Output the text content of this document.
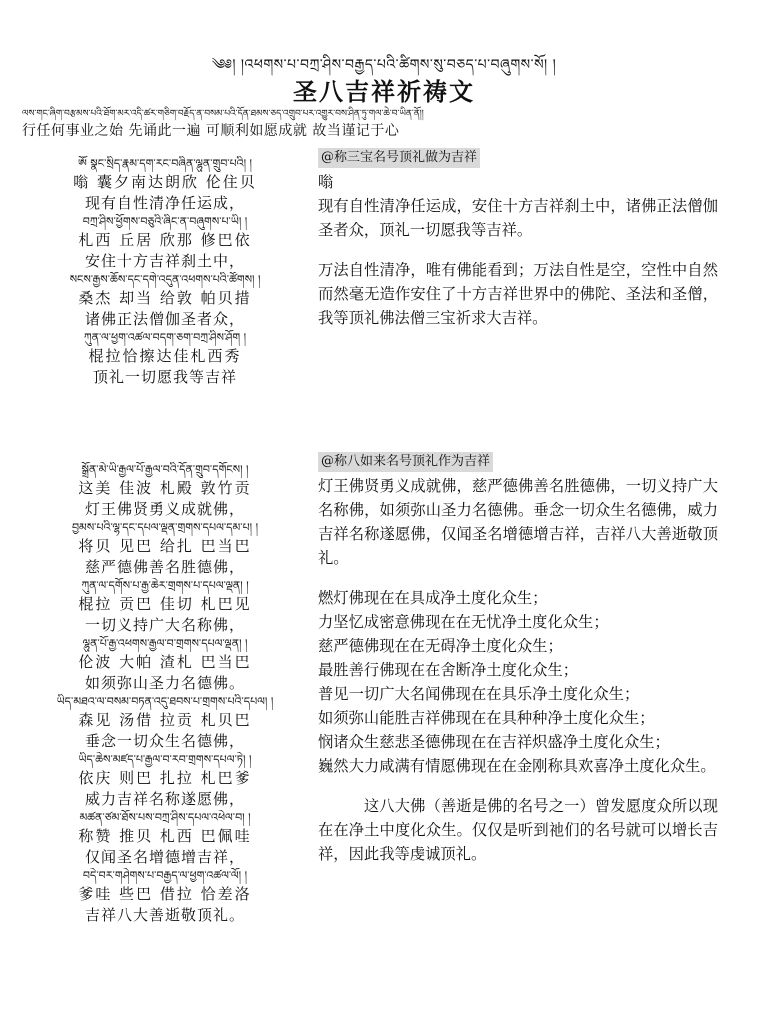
༄༅། །འཕགས་པ་བཀྲ་ཤིས་བརྒྱད་པའི་ཚིགས་སུ་བཅད་པ་བཞུགས་སོ། །
圣八吉祥祈祷文
ལས་གང་ཞིག་བརྩམས་པའི་ཐོག་མར་འདི་ཚར་གཅིག་བརྗོད་ན་བསམ་པའི་དོན་ཐམས་ཅད་འགྲུབ་པར་འགྱུར་བས་ཤིན་ཏུ་གལ་ཆེ་བ་ཡིན་ནོ།།
行任何事业之始 先诵此一遍 可顺利如愿成就 故当谨记于心
ཨོཾ སྣང་སྲིད་རྣམ་དག་རང་བཞིན་ལྷུན་གྲུབ་པའི། །
嗡 囊夕南达朗欣 伦住贝
现有自性清净任运成，
བཀྲ་ཤིས་ཕྱོགས་བཅུའི་ཞིང་ན་བཞུགས་པ་ཡི། །
札西 丘居 欣那 修巴依
安住十方吉祥刹土中，
སངས་རྒྱས་ཆོས་དང་དགེ་འདུན་འཕགས་པའི་ཚོགས། །
桑杰 却当 给敦 帕贝措
诸佛正法僧伽圣者众，
ཀུན་ལ་ཕྱག་འཚལ་བདག་ཅག་བཀྲ་ཤིས་ཤོག །
棍拉恰擦达佳札西秀
顶礼一切愿我等吉祥
@称三宝名号顶礼做为吉祥

嗡

现有自性清净任运成，安住十方吉祥刹土中，诸佛正法僧伽圣者众，顶礼一切愿我等吉祥。

万法自性清净，唯有佛能看到；万法自性是空，空性中自然而然毫无造作安住了十方吉祥世界中的佛陀、圣法和圣僧，我等顶礼佛法僧三宝祈求大吉祥。

སྒྲོན་མེ་ཡི་རྒྱལ་པོ་རྒྱལ་བའི་དོན་གྲུབ་དགོངས། །
这美 佳波 札殿 敦竹贡
灯王佛贤勇义成就佛，
བྱམས་པའི་ལྷ་དང་དཔལ་ལྡན་གྲགས་དཔལ་དམ་པ། །
将贝 见巴 给扎 巴当巴
慈严德佛善名胜德佛，
ཀུན་ལ་དགོས་པ་རྒྱ་ཆེར་གྲགས་པ་དཔལ་ལྡན། །
棍拉 贡巴 佳切 札巴见
一切义持广大名称佛，
ལྷུན་པོ་རྒྱ་འཕགས་རྒྱལ་བ་གྲགས་དཔལ་ལྡན། །
伦波 大帕 渣札 巴当巴
如须弥山圣力名德佛。
ཡིད་མཐའ་ལ་བསམ་བཏན་འདུ་ཐབས་པ་གྲགས་པའི་དཔལ། །
森见 汤借 拉贡 札贝巴
垂念一切众生名德佛，
ཡིད་ཆེས་མཛད་པ་རྒྱལ་བ་རབ་གྲགས་དཔལ་ཏེ། །
依庆 则巴 扎拉 札巴爹
威力吉祥名称遂愿佛，
མཚན་ཙམ་ཐོས་པས་བཀྲ་ཤིས་དཔལ་འཕེལ་བ། །
称赞 推贝 札西 巴佩哇
仅闻圣名增德增吉祥，
བདེ་བར་གཤེགས་པ་བརྒྱད་ལ་ཕྱག་འཚལ་ལོ། །
爹哇 些巴 借拉 恰差洛
吉祥八大善逝敬顶礼。
@称八如来名号顶礼作为吉祥

灯王佛贤勇义成就佛，慈严德佛善名胜德佛，一切义持广大名称佛，如须弥山圣力名德佛。垂念一切众生名德佛，威力吉祥名称遂愿佛，仅闻圣名增德增吉祥，吉祥八大善逝敬顶礼。

燃灯佛现在在具成净土度化众生；

力坚忆成密意佛现在在无忧净土度化众生；

慈严德佛现在在无碍净土度化众生；

最胜善行佛现在在舍断净土度化众生；

普见一切广大名闻佛现在在具乐净土度化众生；

如须弥山能胜吉祥佛现在在具种种净土度化众生；

悯诸众生慈悲圣德佛现在在吉祥炽盛净土度化众生；

巍然大力咸满有情愿佛现在在金刚称具欢喜净土度化众生。

这八大佛（善逝是佛的名号之一）曾发愿度众所以现在在净土中度化众生。仅仅是听到祂们的名号就可以增长吉祥，因此我等虔诚顶礼。
